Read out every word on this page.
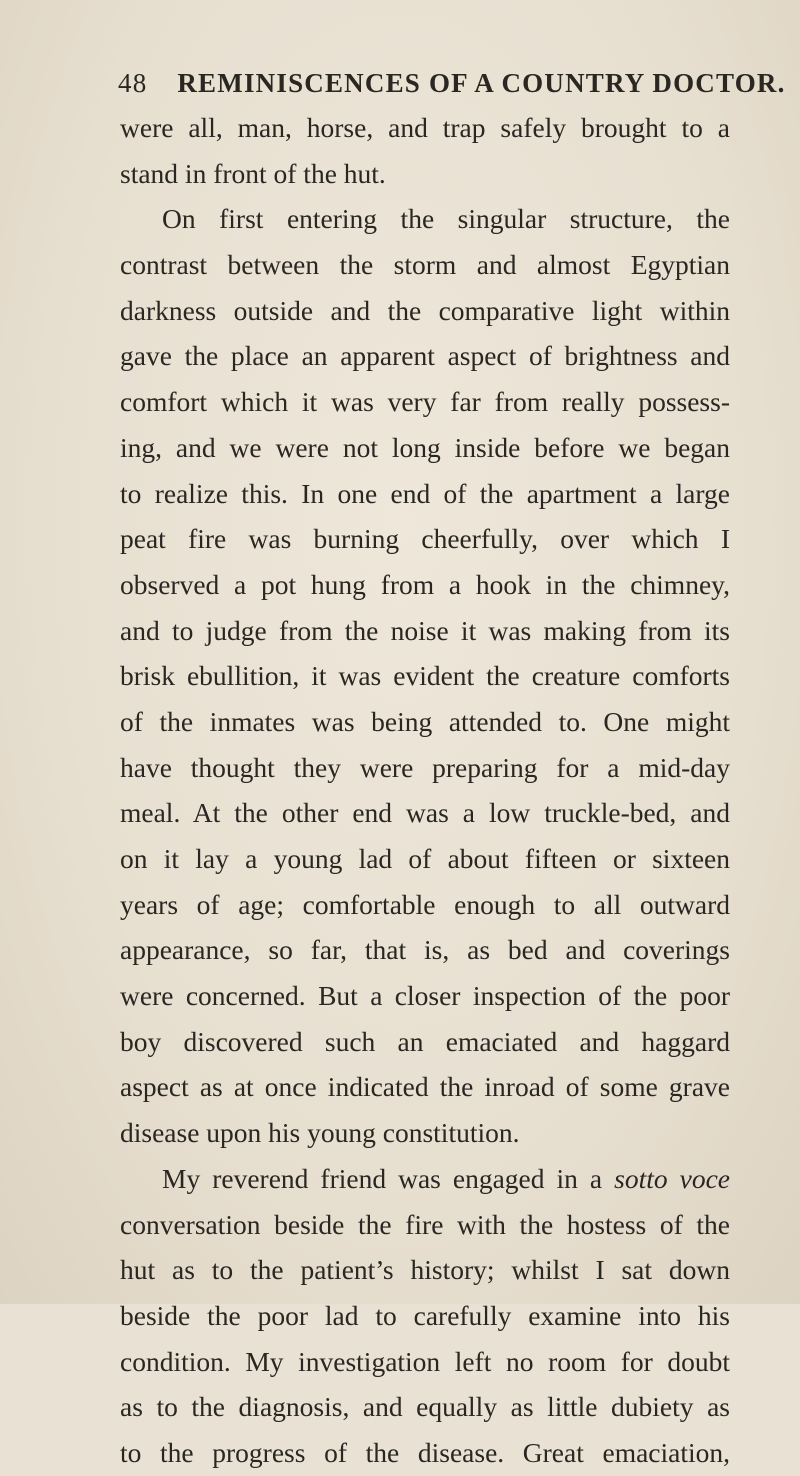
48 REMINISCENCES OF A COUNTRY DOCTOR.
were all, man, horse, and trap safely brought to a
stand in front of the hut.
On first entering the singular structure, the
contrast between the storm and almost Egyptian
darkness outside and the comparative light within
gave the place an apparent aspect of brightness and
comfort which it was very far from really possess-
ing, and we were not long inside before we began
to realize this. In one end of the apartment a large
peat fire was burning cheerfully, over which I
observed a pot hung from a hook in the chimney,
and to judge from the noise it was making from its
brisk ebullition, it was evident the creature comforts
of the inmates was being attended to. One might
have thought they were preparing for a mid-day
meal. At the other end was a low truckle-bed, and
on it lay a young lad of about fifteen or sixteen
years of age; comfortable enough to all outward
appearance, so far, that is, as bed and coverings
were concerned. But a closer inspection of the poor
boy discovered such an emaciated and haggard
aspect as at once indicated the inroad of some grave
disease upon his young constitution.
My reverend friend was engaged in a sotto voce
conversation beside the fire with the hostess of the
hut as to the patient’s history; whilst I sat down
beside the poor lad to carefully examine into his
condition. My investigation left no room for doubt
as to the diagnosis, and equally as little dubiety as
to the progress of the disease. Great emaciation,
